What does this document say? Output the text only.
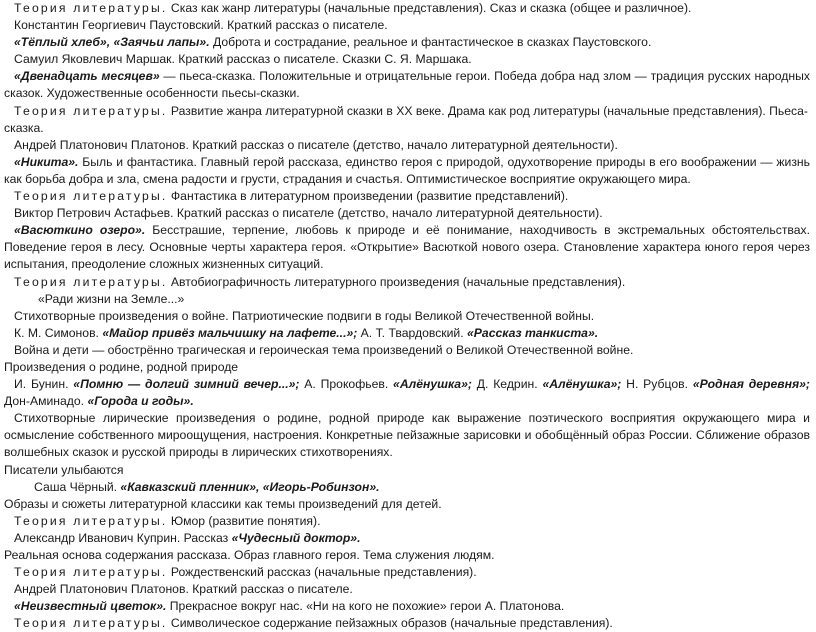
Теория литературы. Сказ как жанр литературы (начальные представления). Сказ и сказка (общее и различное).

Константин Георгиевич Паустовский. Краткий рассказ о писателе.

«Тёплый хлеб», «Заячьи лапы». Доброта и сострадание, реальное и фантастическое в сказках Паустовского.

Самуил Яковлевич Маршак. Краткий рассказ о писателе. Сказки С. Я. Маршака.

«Двенадцать месяцев» — пьеса-сказка. Положительные и отрицательные герои. Победа добра над злом — традиция русских народных сказок. Художественные особенности пьесы-сказки.

Теория литературы. Развитие жанра литературной сказки в XX веке. Драма как род литературы (начальные представления). Пьеса-сказка.

Андрей Платонович Платонов. Краткий рассказ о писателе (детство, начало литературной деятельности).

«Никита». Быль и фантастика. Главный герой рассказа, единство героя с природой, одухотворение природы в его воображении — жизнь как борьба добра и зла, смена радости и грусти, страдания и счастья. Оптимистическое восприятие окружающего мира.

Теория литературы. Фантастика в литературном произведении (развитие представлений).

Виктор Петрович Астафьев. Краткий рассказ о писателе (детство, начало литературной деятельности).

«Васюткино озеро». Бесстрашие, терпение, любовь к природе и её понимание, находчивость в экстремальных обстоятельствах. Поведение героя в лесу. Основные черты характера героя. «Открытие» Васюткой нового озера. Становление характера юного героя через испытания, преодоление сложных жизненных ситуаций.

Теория литературы. Автобиографичность литературного произведения (начальные представления).

«Ради жизни на Земле...»

Стихотворные произведения о войне. Патриотические подвиги в годы Великой Отечественной войны.

К. М. Симонов. «Майор привёз мальчишку на лафете...»; А. Т. Твардовский. «Рассказ танкиста».

Война и дети — обострённо трагическая и героическая тема произведений о Великой Отечественной войне.

Произведения о родине, родной природе

И. Бунин. «Помню — долгий зимний вечер...»; А. Прокофьев. «Алёнушка»; Д. Кедрин. «Алёнушка»; Н. Рубцов. «Родная деревня»; Дон-Аминадо. «Города и годы».

Стихотворные лирические произведения о родине, родной природе как выражение поэтического восприятия окружающего мира и осмысление собственного мироощущения, настроения. Конкретные пейзажные зарисовки и обобщённый образ России. Сближение образов волшебных сказок и русской природы в лирических стихотворениях.

Писатели улыбаются

Саша Чёрный. «Кавказский пленник», «Игорь-Робинзон».

Образы и сюжеты литературной классики как темы произведений для детей.

Теория литературы. Юмор (развитие понятия).

Александр Иванович Куприн. Рассказ «Чудесный доктор».

Реальная основа содержания рассказа. Образ главного героя. Тема служения людям.

Теория литературы. Рождественский рассказ (начальные представления).

Андрей Платонович Платонов. Краткий рассказ о писателе.

«Неизвестный цветок». Прекрасное вокруг нас. «Ни на кого не похожие» герои А. Платонова.

Теория литературы. Символическое содержание пейзажных образов (начальные представления).
